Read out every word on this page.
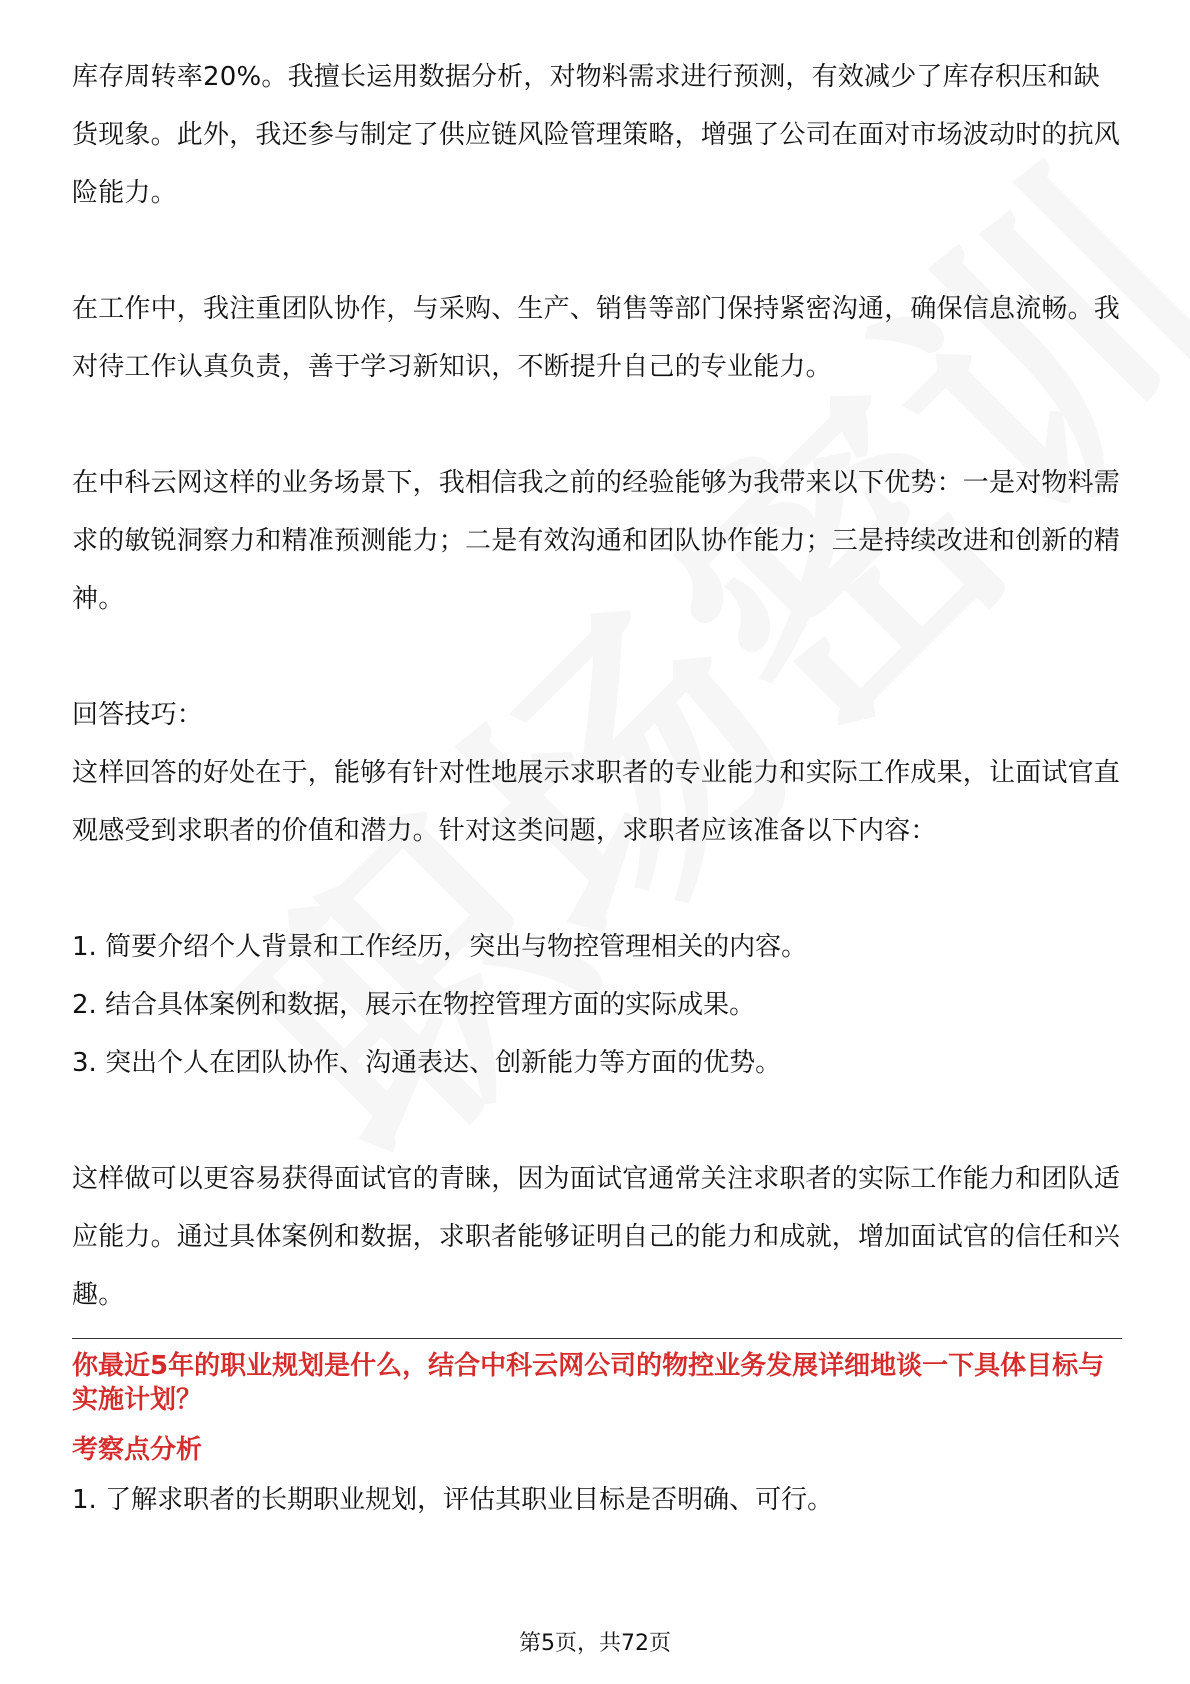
库存周转率20%。我擅长运用数据分析，对物料需求进行预测，有效减少了库存积压和缺货现象。此外，我还参与制定了供应链风险管理策略，增强了公司在面对市场波动时的抗风险能力。

在工作中，我注重团队协作，与采购、生产、销售等部门保持紧密沟通，确保信息流畅。我对待工作认真负责，善于学习新知识，不断提升自己的专业能力。

在中科云网这样的业务场景下，我相信我之前的经验能够为我带来以下优势：一是对物料需求的敏锐洞察力和精准预测能力；二是有效沟通和团队协作能力；三是持续改进和创新的精神。

回答技巧：

这样回答的好处在于，能够有针对性地展示求职者的专业能力和实际工作成果，让面试官直观感受到求职者的价值和潜力。针对这类问题，求职者应该准备以下内容：

1. 简要介绍个人背景和工作经历，突出与物控管理相关的内容。

2. 结合具体案例和数据，展示在物控管理方面的实际成果。

3. 突出个人在团队协作、沟通表达、创新能力等方面的优势。

这样做可以更容易获得面试官的青睐，因为面试官通常关注求职者的实际工作能力和团队适应能力。通过具体案例和数据，求职者能够证明自己的能力和成就，增加面试官的信任和兴趣。

你最近5年的职业规划是什么，结合中科云网公司的物控业务发展详细地谈一下具体目标与实施计划？

考察点分析

1. 了解求职者的长期职业规划，评估其职业目标是否明确、可行。

第5页，共72页
